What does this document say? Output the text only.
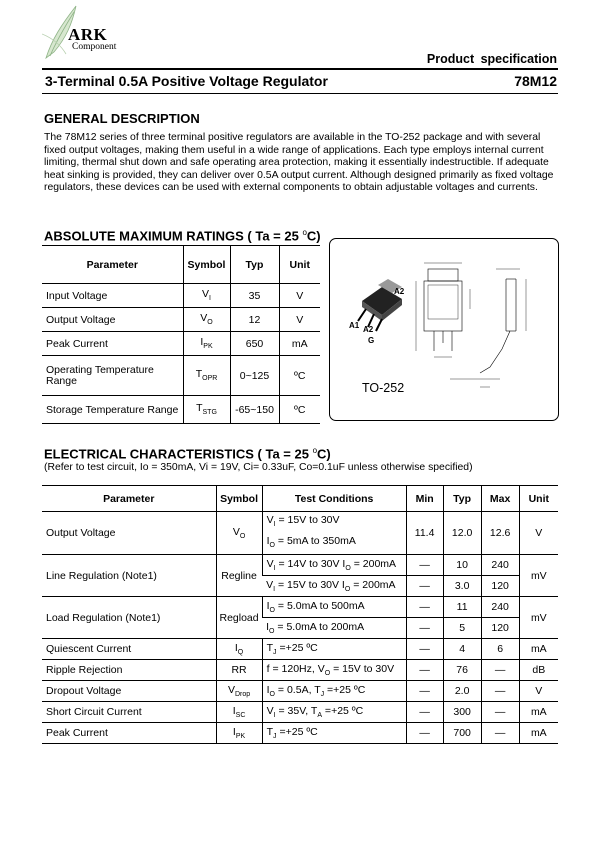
ARK
Component
Product specification
3-Terminal 0.5A Positive Voltage Regulator	78M12
GENERAL DESCRIPTION
The 78M12 series of three terminal positive regulators are available in the TO-252 package and with several fixed output voltages, making them useful in a wide range of applications. Each type employs internal current limiting, thermal shut down and safe operating area protection, making it essentially indestructible. If adequate heat sinking is provided, they can deliver over 0.5A output current. Although designed primarily as fixed voltage regulators, these devices can be used with external components to obtain adjustable voltages and currents.
ABSOLUTE MAXIMUM RATINGS ( Ta = 25 $^o$C)
Parameter	Symbol	Typ	Unit
Input Voltage	$V_I$	35	V
Output Voltage	$V_O$	12	V
Peak Current	$I_{PK}$	650	mA
Operating Temperature Range	$T_{OPR}$	0~125	ºC
Storage Temperature Range	$T_{STG}$	-65~150	ºC
A2
A1 A2
G
TO-252
ELECTRICAL CHARACTERISTICS ( Ta = 25 $^o$C)
(Refer to test circuit, Io = 350mA, Vi = 19V, Ci= 0.33uF, Co=0.1uF unless otherwise specified)
Parameter	Symbol	Test Conditions	Min	Typ	Max	Unit
Output Voltage	$V_O$	$V_I = 15V$ to 30V
$I_O = 5mA$ to 350mA	11.4	12.0	12.6	V
Line Regulation (Note1)	Regline	$V_I = 14V$ to 30V $I_O = 200mA$	—	10	240	mV
		$V_I = 15V$ to 30V $I_O = 200mA$	—	3.0	120	
Load Regulation (Note1)	Regload	$I_O = 5.0mA$ to 500mA	—	11	240	mV
		$I_O = 5.0mA$ to 200mA	—	5	120	
Quiescent Current	$I_Q$	$T_J =+25$ ºC	—	4	6	mA
Ripple Rejection	RR	f = 120Hz, $V_O = 15V$ to 30V	—	76	—	dB
Dropout Voltage	$V_{Drop}$	$I_O = 0.5A$, $T_J =+25$ ºC	—	2.0	—	V
Short Circuit Current	$I_{SC}$	$V_I = 35V$, $T_A =+25$ ºC	—	300	—	mA
Peak Current	$I_{PK}$	$T_J =+25$ ºC	—	700	—	mA
